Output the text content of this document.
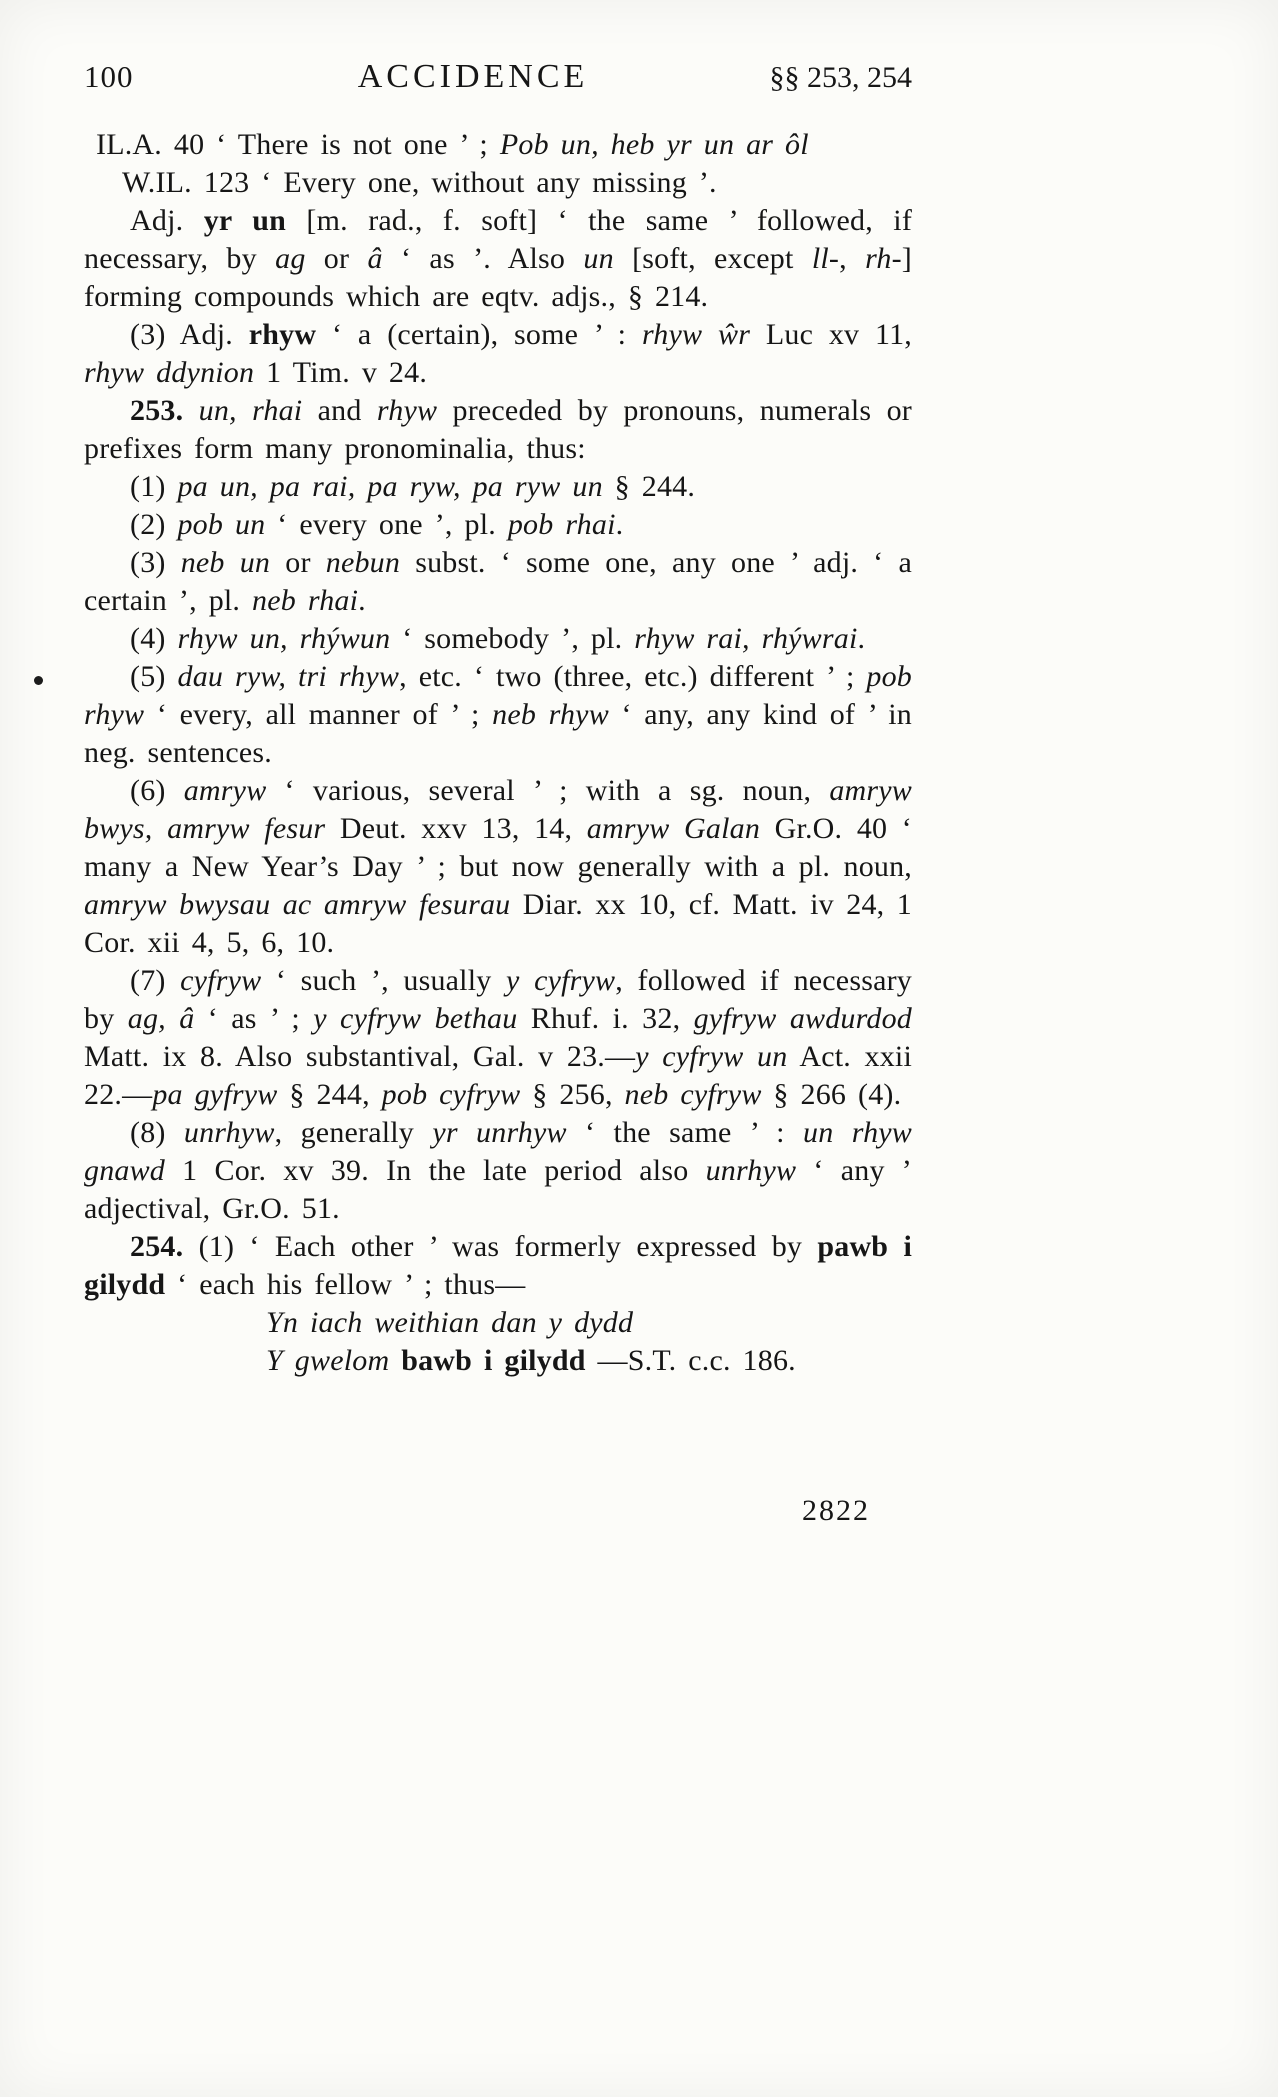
100	ACCIDENCE	§§ 253, 254
IL.A. 40 ‘ There is not one ’ ; Pob un, heb yr un ar ôl
W.IL. 123 ‘ Every one, without any missing ’.

Adj. yr un [m. rad., f. soft] ‘ the same ’ followed, if necessary, by ag or â ‘ as ’. Also un [soft, except ll-, rh-] forming compounds which are eqtv. adjs., § 214.

(3) Adj. rhyw ‘ a (certain), some ’ : rhyw ŵr Luc xv 11, rhyw ddynion 1 Tim. v 24.

253. un, rhai and rhyw preceded by pronouns, numerals or prefixes form many pronominalia, thus:

(1) pa un, pa rai, pa ryw, pa ryw un § 244.

(2) pob un ‘ every one ’, pl. pob rhai.

(3) neb un or nebun subst. ‘ some one, any one ’ adj. ‘ a certain ’, pl. neb rhai.

(4) rhyw un, rhýwun ‘ somebody ’, pl. rhyw rai, rhýwrai.

(5) dau ryw, tri rhyw, etc. ‘ two (three, etc.) different ’ ; pob rhyw ‘ every, all manner of ’ ; neb rhyw ‘ any, any kind of ’ in neg. sentences.

(6) amryw ‘ various, several ’ ; with a sg. noun, amryw bwys, amryw fesur Deut. xxv 13, 14, amryw Galan Gr.O. 40 ‘ many a New Year’s Day ’ ; but now generally with a pl. noun, amryw bwysau ac amryw fesurau Diar. xx 10, cf. Matt. iv 24, 1 Cor. xii 4, 5, 6, 10.

(7) cyfryw ‘ such ’, usually y cyfryw, followed if necessary by ag, â ‘ as ’ ; y cyfryw bethau Rhuf. i. 32, gyfryw awdurdod Matt. ix 8. Also substantival, Gal. v 23.—y cyfryw un Act. xxii 22.—pa gyfryw § 244, pob cyfryw § 256, neb cyfryw § 266 (4).

(8) unrhyw, generally yr unrhyw ‘ the same ’ : un rhyw gnawd 1 Cor. xv 39. In the late period also unrhyw ‘ any ’ adjectival, Gr.O. 51.

254. (1) ‘ Each other ’ was formerly expressed by pawb i gilydd ‘ each his fellow ’ ; thus—

Yn iach weithian dan y dydd
Y gwelom bawb i gilydd —S.T. c.c. 186.
2822
